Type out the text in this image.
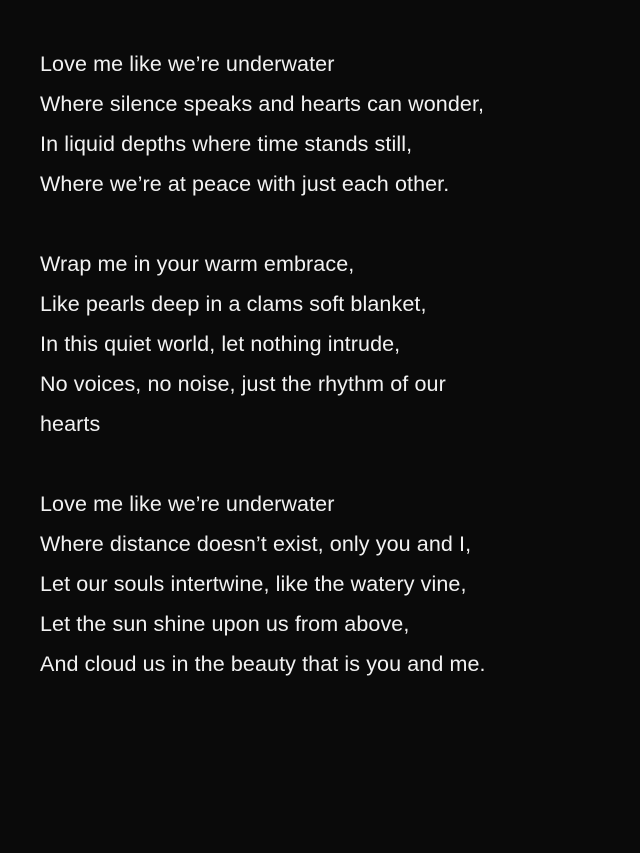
Love me like we’re underwater
Where silence speaks and hearts can wonder,
In liquid depths where time stands still,
Where we’re at peace with just each other.
Wrap me in your warm embrace,
Like pearls deep in a clams soft blanket,
In this quiet world, let nothing intrude,
No voices, no noise, just the rhythm of our
hearts
Love me like we’re underwater
Where distance doesn’t exist, only you and I,
Let our souls intertwine, like the watery vine,
Let the sun shine upon us from above,
And cloud us in the beauty that is you and me.
